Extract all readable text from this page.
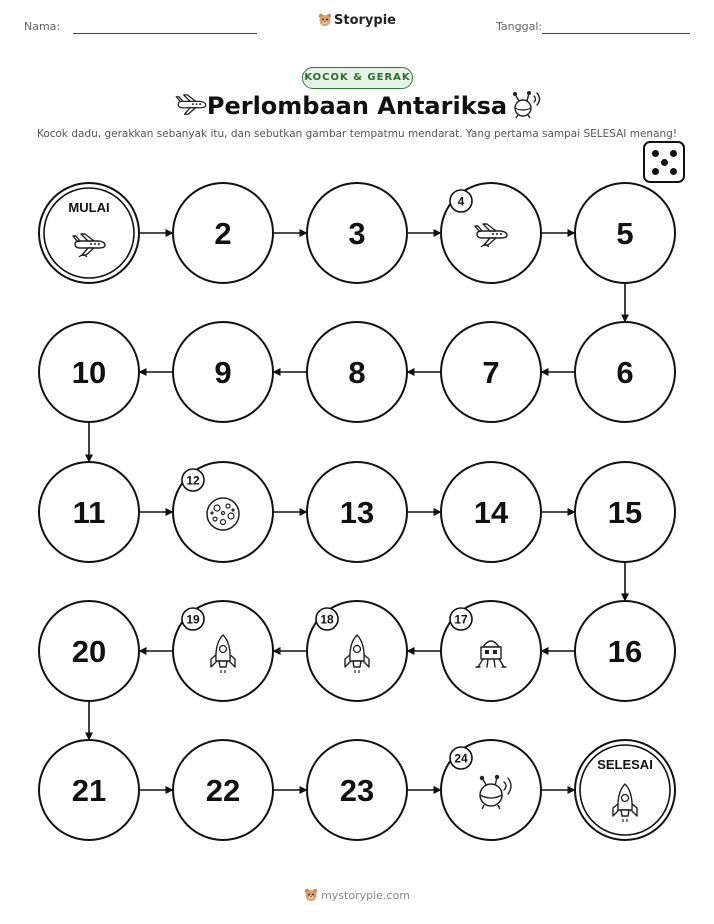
Nama:	Storypie	Tanggal:
KOCOK & GERAK
Perlombaan Antariksa
Kocok dadu, gerakkan sebanyak itu, dan sebutkan gambar tempatmu mendarat. Yang pertama sampai SELESAI menang!
MULAI
2	3
4
5
6
7
8
9
10
11
12
13	14	15
16
17
18
19
20
21	22	23
24	SELESAI
mystorypie.com
